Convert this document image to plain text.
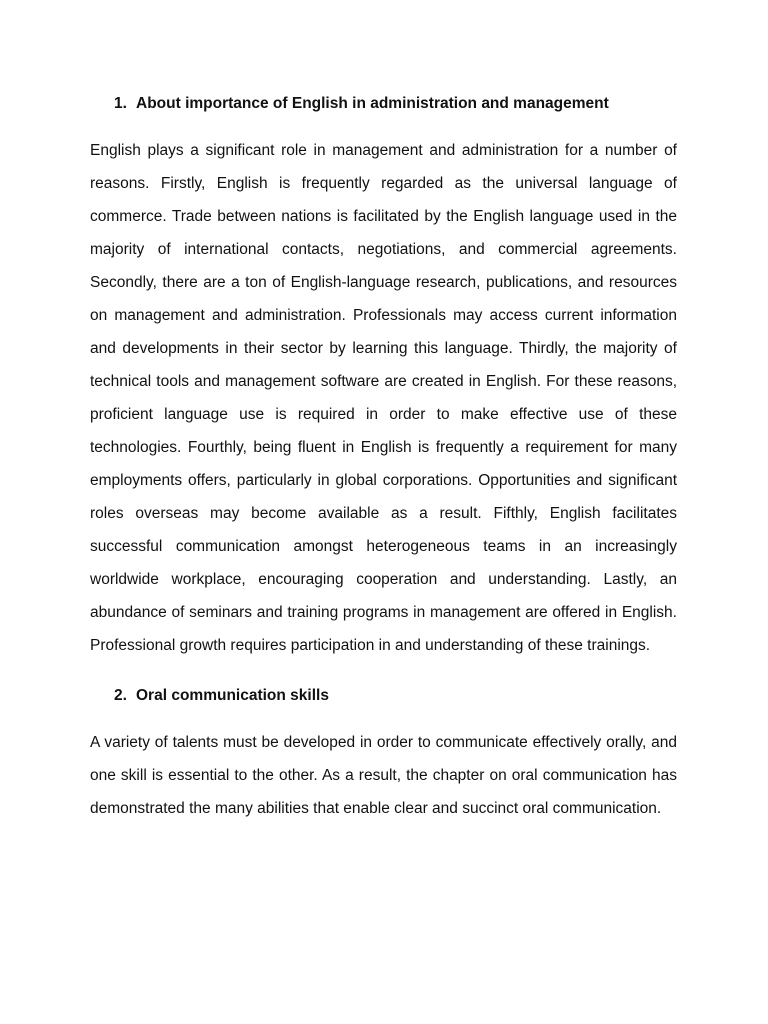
1. About importance of English in administration and management

English plays a significant role in management and administration for a number of reasons. Firstly, English is frequently regarded as the universal language of commerce. Trade between nations is facilitated by the English language used in the majority of international contacts, negotiations, and commercial agreements. Secondly, there are a ton of English-language research, publications, and resources on management and administration. Professionals may access current information and developments in their sector by learning this language. Thirdly, the majority of technical tools and management software are created in English. For these reasons, proficient language use is required in order to make effective use of these technologies. Fourthly, being fluent in English is frequently a requirement for many employments offers, particularly in global corporations. Opportunities and significant roles overseas may become available as a result. Fifthly, English facilitates successful communication amongst heterogeneous teams in an increasingly worldwide workplace, encouraging cooperation and understanding. Lastly, an abundance of seminars and training programs in management are offered in English. Professional growth requires participation in and understanding of these trainings.

2. Oral communication skills

A variety of talents must be developed in order to communicate effectively orally, and one skill is essential to the other. As a result, the chapter on oral communication has demonstrated the many abilities that enable clear and succinct oral communication.
